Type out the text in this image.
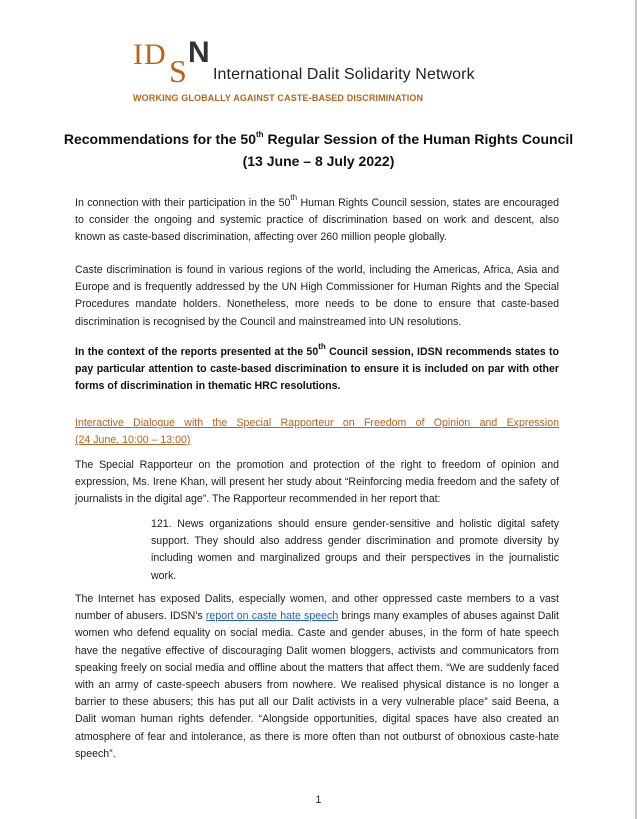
I D S
N
International Dalit Solidarity Network
WORKING GLOBALLY AGAINST CASTE-BASED DISCRIMINATION
Recommendations for the 50th Regular Session of the Human Rights Council
(13 June – 8 July 2022)
In connection with their participation in the 50th Human Rights Council session, states are encouraged to consider the ongoing and systemic practice of discrimination based on work and descent, also known as caste-based discrimination, affecting over 260 million people globally.
Caste discrimination is found in various regions of the world, including the Americas, Africa, Asia and Europe and is frequently addressed by the UN High Commissioner for Human Rights and the Special Procedures mandate holders. Nonetheless, more needs to be done to ensure that caste-based discrimination is recognised by the Council and mainstreamed into UN resolutions.
In the context of the reports presented at the 50th Council session, IDSN recommends states to pay particular attention to caste-based discrimination to ensure it is included on par with other forms of discrimination in thematic HRC resolutions.
Interactive Dialogue with the Special Rapporteur on Freedom of Opinion and Expression
(24 June, 10:00 – 13:00)
The Special Rapporteur on the promotion and protection of the right to freedom of opinion and expression, Ms. Irene Khan, will present her study about “Reinforcing media freedom and the safety of journalists in the digital age”. The Rapporteur recommended in her report that:
121. News organizations should ensure gender-sensitive and holistic digital safety support. They should also address gender discrimination and promote diversity by including women and marginalized groups and their perspectives in the journalistic work.
The Internet has exposed Dalits, especially women, and other oppressed caste members to a vast number of abusers. IDSN’s report on caste hate speech brings many examples of abuses against Dalit women who defend equality on social media. Caste and gender abuses, in the form of hate speech have the negative effective of discouraging Dalit women bloggers, activists and communicators from speaking freely on social media and offline about the matters that affect them. “We are suddenly faced with an army of caste-speech abusers from nowhere. We realised physical distance is no longer a barrier to these abusers; this has put all our Dalit activists in a very vulnerable place” said Beena, a Dalit woman human rights defender. “Alongside opportunities, digital spaces have also created an atmosphere of fear and intolerance, as there is more often than not outburst of obnoxious caste-hate speech”.
1
